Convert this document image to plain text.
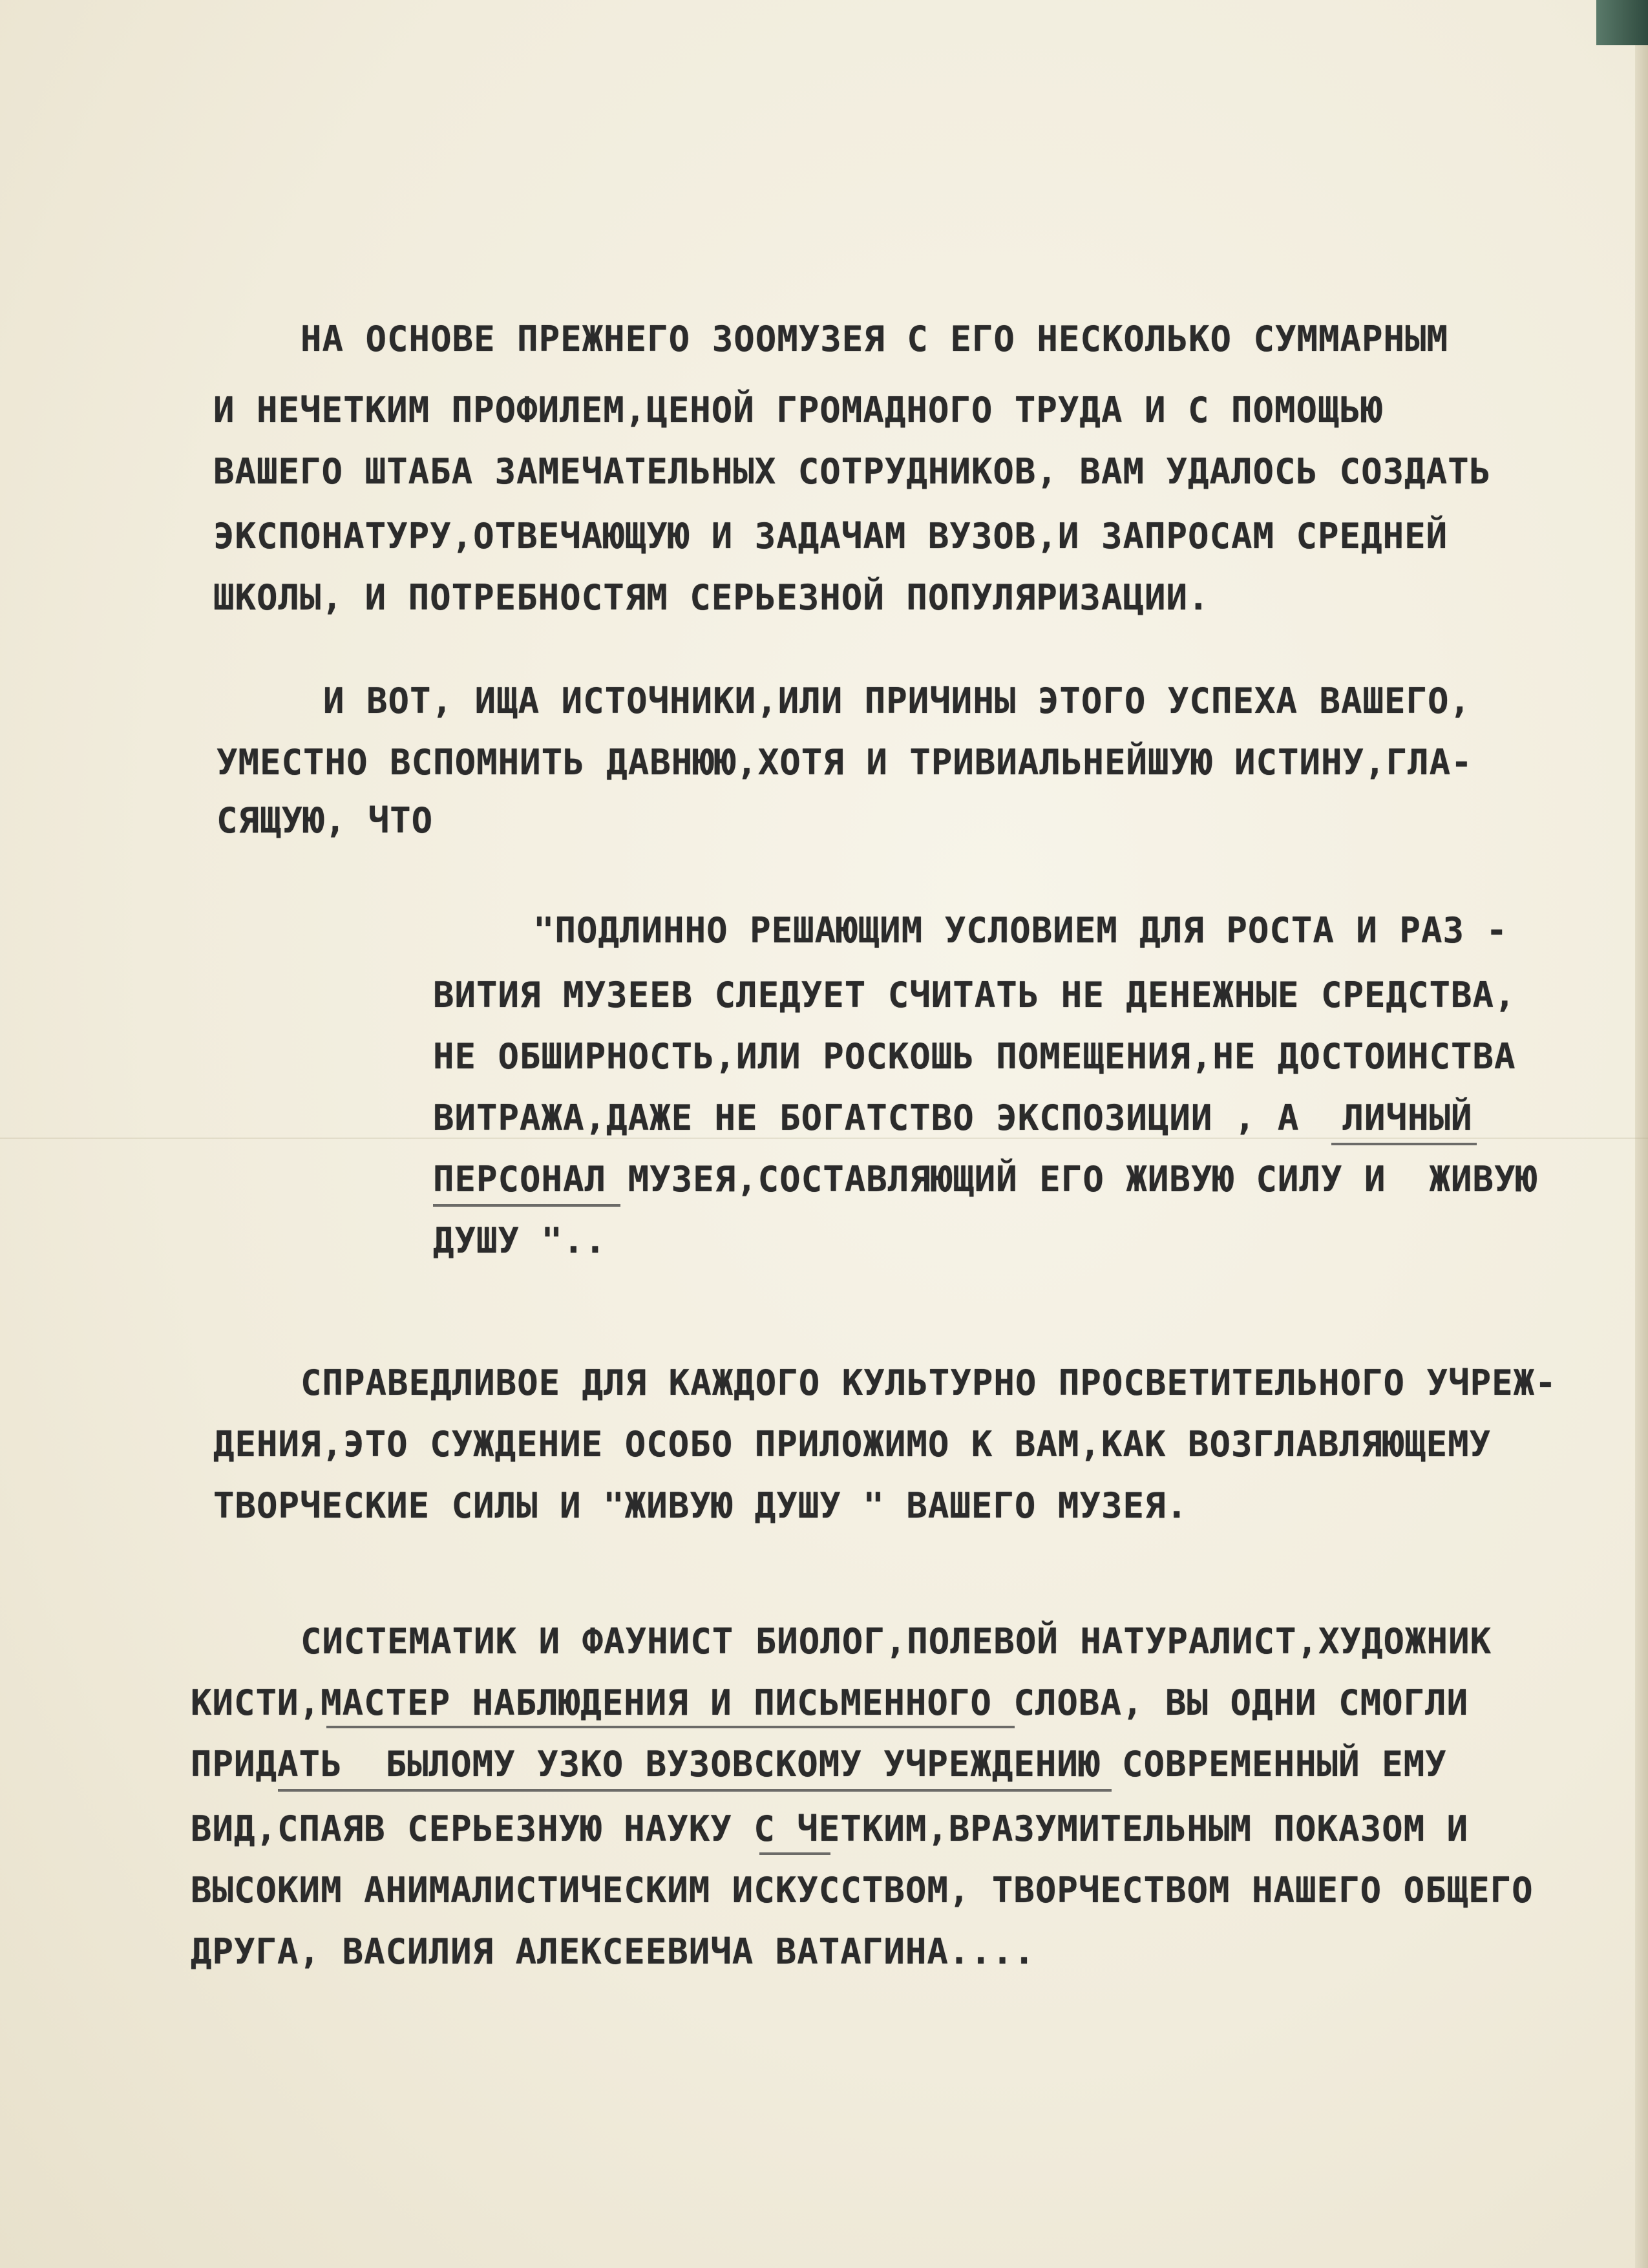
НА ОСНОВЕ ПРЕЖНЕГО ЗООМУЗЕЯ С ЕГО НЕСКОЛЬКО СУММАРНЫМ
И НЕЧЕТКИМ ПРОФИЛЕМ,ЦЕНОЙ ГРОМАДНОГО ТРУДА И С ПОМОЩЬЮ
ВАШЕГО ШТАБА ЗАМЕЧАТЕЛЬНЫХ СОТРУДНИКОВ, ВАМ УДАЛОСЬ СОЗДАТЬ
ЭКСПОНАТУРУ,ОТВЕЧАЮЩУЮ И ЗАДАЧАМ ВУЗОВ,И ЗАПРОСАМ СРЕДНЕЙ
ШКОЛЫ, И ПОТРЕБНОСТЯМ СЕРЬЕЗНОЙ ПОПУЛЯРИЗАЦИИ.
И ВОТ, ИЩА ИСТОЧНИКИ,ИЛИ ПРИЧИНЫ ЭТОГО УСПЕХА ВАШЕГО,
УМЕСТНО ВСПОМНИТЬ ДАВНЮЮ,ХОТЯ И ТРИВИАЛЬНЕЙШУЮ ИСТИНУ,ГЛА-
СЯЩУЮ, ЧТО
"ПОДЛИННО РЕШАЮЩИМ УСЛОВИЕМ ДЛЯ РОСТА И РАЗ -
ВИТИЯ МУЗЕЕВ СЛЕДУЕТ СЧИТАТЬ НЕ ДЕНЕЖНЫЕ СРЕДСТВА,
НЕ ОБШИРНОСТЬ,ИЛИ РОСКОШЬ ПОМЕЩЕНИЯ,НЕ ДОСТОИНСТВА
ВИТРАЖА,ДАЖЕ НЕ БОГАТСТВО ЭКСПОЗИЦИИ , А  ЛИЧНЫЙ
ПЕРСОНАЛ МУЗЕЯ,СОСТАВЛЯЮЩИЙ ЕГО ЖИВУЮ СИЛУ И  ЖИВУЮ
ДУШУ "..
СПРАВЕДЛИВОЕ ДЛЯ КАЖДОГО КУЛЬТУРНО ПРОСВЕТИТЕЛЬНОГО УЧРЕЖ-
ДЕНИЯ,ЭТО СУЖДЕНИЕ ОСОБО ПРИЛОЖИМО К ВАМ,КАК ВОЗГЛАВЛЯЮЩЕМУ
ТВОРЧЕСКИЕ СИЛЫ И "ЖИВУЮ ДУШУ " ВАШЕГО МУЗЕЯ.
СИСТЕМАТИК И ФАУНИСТ БИОЛОГ,ПОЛЕВОЙ НАТУРАЛИСТ,ХУДОЖНИК
КИСТИ,МАСТЕР НАБЛЮДЕНИЯ И ПИСЬМЕННОГО СЛОВА, ВЫ ОДНИ СМОГЛИ
ПРИДАТЬ  БЫЛОМУ УЗКО ВУЗОВСКОМУ УЧРЕЖДЕНИЮ СОВРЕМЕННЫЙ ЕМУ
ВИД,СПАЯВ СЕРЬЕЗНУЮ НАУКУ С ЧЕТКИМ,ВРАЗУМИТЕЛЬНЫМ ПОКАЗОМ И
ВЫСОКИМ АНИМАЛИСТИЧЕСКИМ ИСКУССТВОМ, ТВОРЧЕСТВОМ НАШЕГО ОБЩЕГО
ДРУГА, ВАСИЛИЯ АЛЕКСЕЕВИЧА ВАТАГИНА....
